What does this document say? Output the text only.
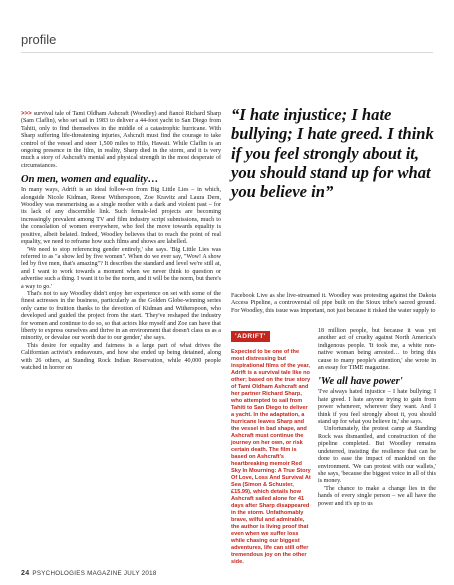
profile

>>> survival tale of Tami Oldham Ashcraft (Woodley) and fiancé Richard Sharp (Sam Claflin), who set sail in 1983 to deliver a 44-foot yacht to San Diego from Tahiti, only to find themselves in the middle of a catastrophic hurricane. With Sharp suffering life-threatening injuries, Ashcraft must find the courage to take control of the vessel and steer 1,500 miles to Hilo, Hawaii. While Claflin is an ongoing presence in the film, in reality, Sharp died in the storm, and it is very much a story of Ashcraft's mental and physical strength in the most desperate of circumstances.

On men, women and equality…

In many ways, Adrift is an ideal follow-on from Big Little Lies – in which, alongside Nicole Kidman, Reese Witherspoon, Zoe Kravitz and Laura Dern, Woodley was mesmerising as a single mother with a dark and violent past – for its lack of any discernible link. Such female-led projects are becoming increasingly prevalent among TV and film industry script submissions, much to the consolation of women everywhere, who feel the move towards equality is positive, albeit belated. Indeed, Woodley believes that to reach the point of real equality, we need to reframe how such films and shows are labelled.

'We need to stop referencing gender entirely,' she says. 'Big Little Lies was referred to as "a show led by five women". When do we ever say, "Wow! A show led by five men, that's amazing"? It describes the standard and level we're still at, and I want to work towards a moment when we never think to question or advertise such a thing. I want it to be the norm, and it will be the norm, but there's a way to go.'

That's not to say Woodley didn't enjoy her experience on set with some of the finest actresses in the business, particularly as the Golden Globe-winning series only came to fruition thanks to the devotion of Kidman and Witherspoon, who developed and guided the project from the start. 'They've reshaped the industry for women and continue to do so, so that actors like myself and Zoe can have that liberty to express ourselves and thrive in an environment that doesn't class us as a minority, or devalue our worth due to our gender,' she says.

This desire for equality and fairness is a large part of what drives the Californian activist's endeavours, and how she ended up being detained, along with 26 others, at Standing Rock Indian Reservation, while 40,000 people watched in horror on

“I hate injustice; I hate bullying; I hate greed. I think if you feel strongly about it, you should stand up for what you believe in”

Facebook Live as she live-streamed it. Woodley was protesting against the Dakota Access Pipeline, a controversial oil pipe built on the Sioux tribe's sacred ground. For Woodley, this issue was important, not just because it risked the water supply to

'ADRIFT'

Expected to be one of the most distressing but inspirational films of the year, Adrift is a survival tale like no other; based on the true story of Tami Oldham Ashcraft and her partner Richard Sharp, who attempted to sail from Tahiti to San Diego to deliver a yacht. In the adaptation, a hurricane leaves Sharp and the vessel in bad shape, and Ashcraft must continue the journey on her own, or risk certain death. The film is based on Ashcraft's heartbreaking memoir Red Sky In Mourning: A True Story Of Love, Loss And Survival At Sea (Simon & Schuster, £15.99), which details how Ashcraft sailed alone for 41 days after Sharp disappeared in the storm. Unfathomably brave, wilful and admirable, the author is living proof that even when we suffer loss while chasing our biggest adventures, life can still offer tremendous joy on the other side.

18 million people, but because it was yet another act of cruelty against North America's indigenous people. 'It took me, a white non-native woman being arrested… to bring this cause to many people's attention,' she wrote in an essay for TIME magazine.

'We all have power'

'I've always hated injustice – I hate bullying; I hate greed. I hate anyone trying to gain from power whenever, wherever they want. And I think if you feel strongly about it, you should stand up for what you believe in,' she says.

Unfortunately, the protest camp at Standing Rock was dismantled, and construction of the pipeline completed. But Woodley remains undeterred, insisting the resilience that can be done to ease the impact of mankind on the environment. 'We can protest with our wallets,' she says, 'because the biggest voice in all of this is money.

'The chance to make a change lies in the hands of every single person – we all have the power and it's up to us

24 PSYCHOLOGIES MAGAZINE JULY 2018
